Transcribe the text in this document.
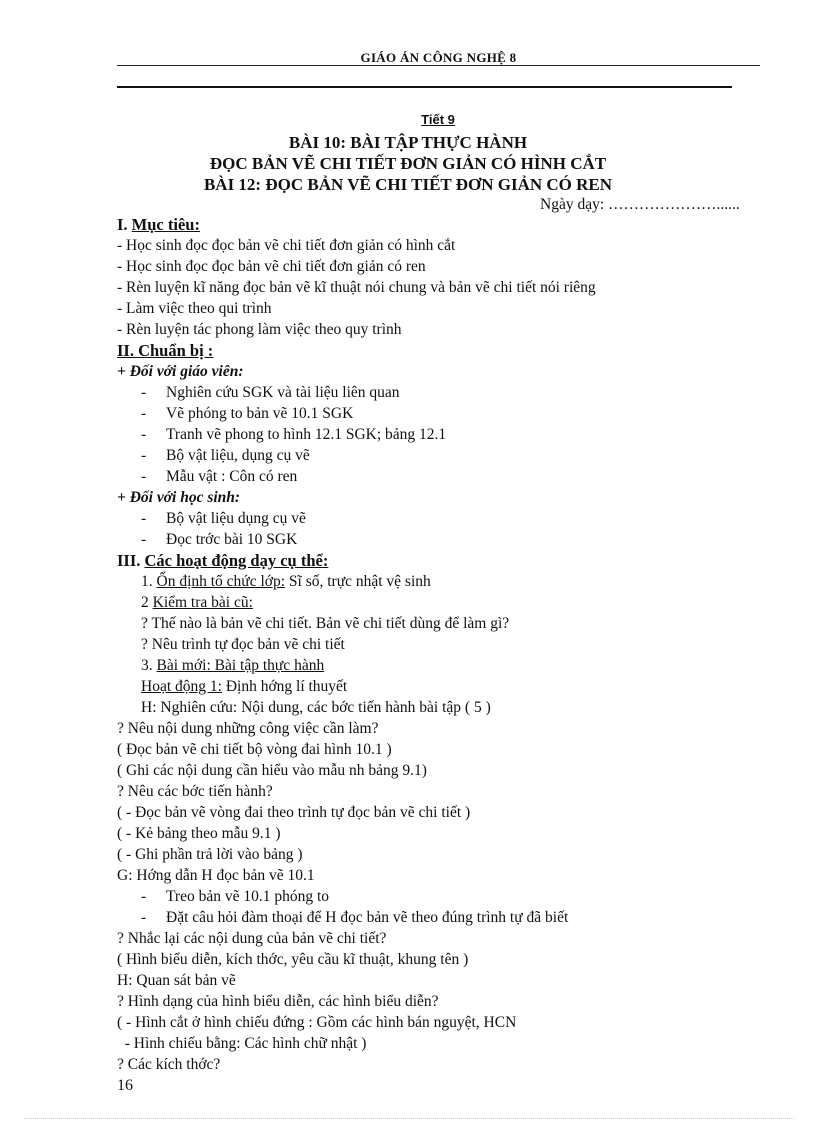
GIÁO ÁN CÔNG NGHỆ 8
Tiết 9
BÀI 10: BÀI TẬP THỰC HÀNH
ĐỌC BẢN VẼ CHI TIẾT ĐƠN GIẢN CÓ HÌNH CẮT
BÀI 12: ĐỌC BẢN VẼ CHI TIẾT ĐƠN GIẢN CÓ REN
Ngày dạy: …………………......
I. Mục tiêu:
- Học sinh đọc đọc bản vẽ chi tiết đơn giản có hình cắt
- Học sinh đọc đọc bản vẽ chi tiết đơn giản có ren
- Rèn luyện kĩ năng đọc bản vẽ kĩ thuật nói chung và bản vẽ chi tiết nói riêng
- Làm việc theo qui trình
- Rèn luyện tác phong làm việc theo quy trình
II. Chuẩn bị :
+ Đối với giáo viên:
- Nghiên cứu SGK và tài liệu liên quan
- Vẽ phóng to bản vẽ 10.1 SGK
- Tranh vẽ phong to hình 12.1 SGK; bảng 12.1
- Bộ vật liệu, dụng cụ vẽ
- Mẫu vật : Côn có ren
+ Đối với học sinh:
- Bộ vật liệu dụng cụ vẽ
- Đọc trớc bài 10 SGK
III. Các hoạt động dạy cụ thể:
1. Ổn định tổ chức lớp: Sĩ số, trực nhật vệ sinh
2 Kiểm tra bài cũ:
? Thế nào là bản vẽ chi tiết. Bản vẽ chi tiết dùng để làm gì?
? Nêu trình tự đọc bản vẽ chi tiết
3. Bài mới: Bài tập thực hành
Hoạt động 1: Định hớng lí thuyết
H: Nghiên cứu: Nội dung, các bớc tiến hành bài tập ( 5 )
? Nêu nội dung những công việc cần làm?
( Đọc bản vẽ chi tiết bộ vòng đai hình 10.1 )
( Ghi các nội dung cần hiểu vào mẫu nh bảng 9.1)
? Nêu các bớc tiến hành?
( - Đọc bản vẽ vòng đai theo trình tự đọc bản vẽ chi tiết )
( - Kẻ bảng theo mẫu 9.1 )
( - Ghi phần trả lời vào bảng )
G: Hớng dẫn H đọc bản vẽ 10.1
- Treo bản vẽ 10.1 phóng to
- Đặt câu hỏi đàm thoại để H đọc bản vẽ theo đúng trình tự đã biết
? Nhắc lại các nội dung của bản vẽ chi tiết?
( Hình biểu diễn, kích thớc, yêu cầu kĩ thuật, khung tên )
H: Quan sát bản vẽ
? Hình dạng của hình biểu diễn, các hình biểu diễn?
( - Hình cắt ở hình chiếu đứng : Gồm các hình bán nguyệt, HCN
- Hình chiếu bằng: Các hình chữ nhật )
? Các kích thớc?
16
